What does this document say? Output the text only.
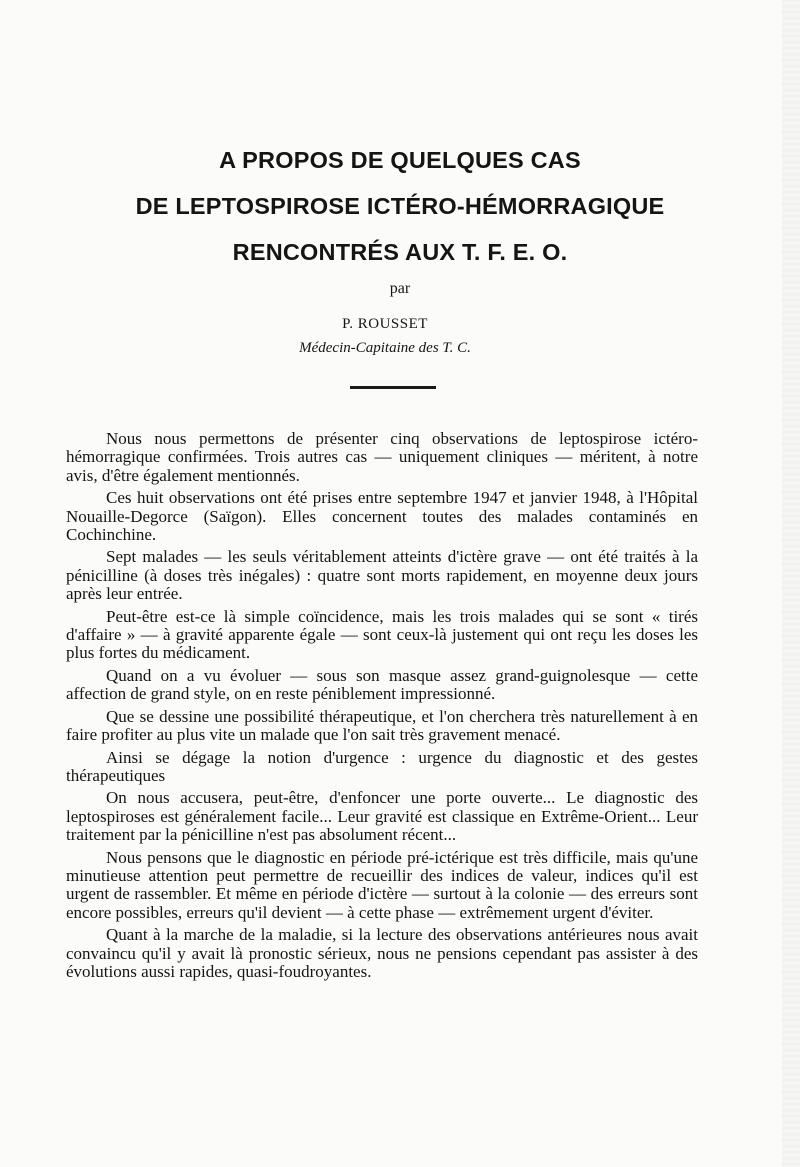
A PROPOS DE QUELQUES CAS

DE LEPTOSPIROSE ICTÉRO-HÉMORRAGIQUE

RENCONTRÉS AUX T. F. E. O.

par
P. ROUSSET
Médecin-Capitaine des T. C.

Nous nous permettons de présenter cinq observations de leptospirose ictéro-hémorragique confirmées. Trois autres cas — uniquement cliniques — méritent, à notre avis, d'être également mentionnés.

Ces huit observations ont été prises entre septembre 1947 et janvier 1948, à l'Hôpital Nouaille-Degorce (Saïgon). Elles concernent toutes des malades contaminés en Cochinchine.

Sept malades — les seuls véritablement atteints d'ictère grave — ont été traités à la pénicilline (à doses très inégales) : quatre sont morts rapidement, en moyenne deux jours après leur entrée.

Peut-être est-ce là simple coïncidence, mais les trois malades qui se sont « tirés d'affaire » — à gravité apparente égale — sont ceux-là justement qui ont reçu les doses les plus fortes du médicament.

Quand on a vu évoluer — sous son masque assez grand-guignolesque — cette affection de grand style, on en reste péniblement impressionné.

Que se dessine une possibilité thérapeutique, et l'on cherchera très naturellement à en faire profiter au plus vite un malade que l'on sait très gravement menacé.

Ainsi se dégage la notion d'urgence : urgence du diagnostic et des gestes thérapeutiques

On nous accusera, peut-être, d'enfoncer une porte ouverte... Le diagnostic des leptospiroses est généralement facile... Leur gravité est classique en Extrême-Orient... Leur traitement par la pénicilline n'est pas absolument récent...

Nous pensons que le diagnostic en période pré-ictérique est très difficile, mais qu'une minutieuse attention peut permettre de recueillir des indices de valeur, indices qu'il est urgent de rassembler. Et même en période d'ictère — surtout à la colonie — des erreurs sont encore possibles, erreurs qu'il devient — à cette phase — extrêmement urgent d'éviter.

Quant à la marche de la maladie, si la lecture des observations antérieures nous avait convaincu qu'il y avait là pronostic sérieux, nous ne pensions cependant pas assister à des évolutions aussi rapides, quasi-foudroyantes.
